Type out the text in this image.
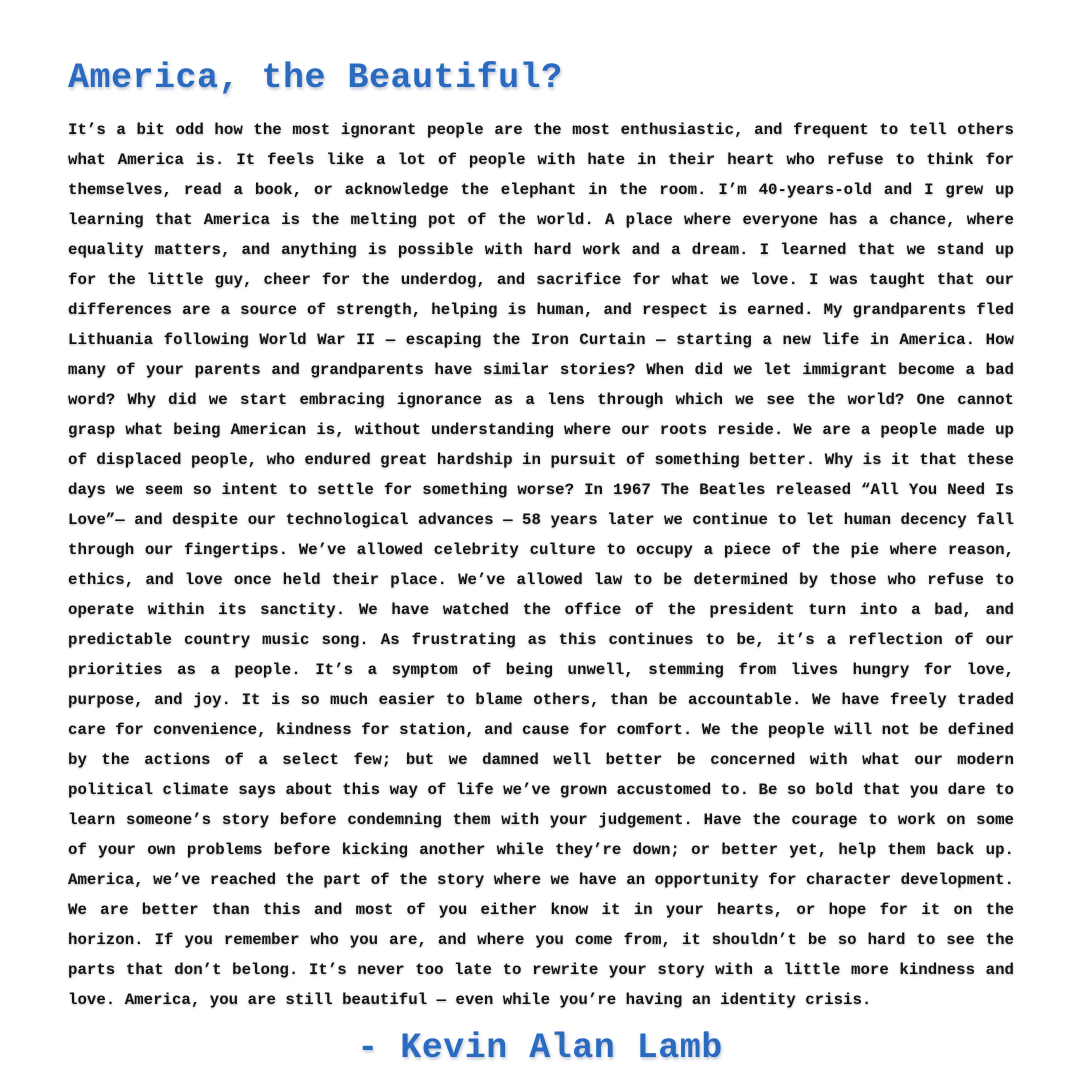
America, the Beautiful?

It’s a bit odd how the most ignorant people are the most enthusiastic, and frequent to tell others what America is. It feels like a lot of people with hate in their heart who refuse to think for themselves, read a book, or acknowledge the elephant in the room. I’m 40-years-old and I grew up learning that America is the melting pot of the world. A place where everyone has a chance, where equality matters, and anything is possible with hard work and a dream. I learned that we stand up for the little guy, cheer for the underdog, and sacrifice for what we love. I was taught that our differences are a source of strength, helping is human, and respect is earned. My grandparents fled Lithuania following World War II — escaping the Iron Curtain — starting a new life in America. How many of your parents and grandparents have similar stories? When did we let immigrant become a bad word? Why did we start embracing ignorance as a lens through which we see the world? One cannot grasp what being American is, without understanding where our roots reside. We are a people made up of displaced people, who endured great hardship in pursuit of something better. Why is it that these days we seem so intent to settle for something worse? In 1967 The Beatles released “All You Need Is Love”— and despite our technological advances — 58 years later we continue to let human decency fall through our fingertips. We’ve allowed celebrity culture to occupy a piece of the pie where reason, ethics, and love once held their place. We’ve allowed law to be determined by those who refuse to operate within its sanctity. We have watched the office of the president turn into a bad, and predictable country music song. As frustrating as this continues to be, it’s a reflection of our priorities as a people. It’s a symptom of being unwell, stemming from lives hungry for love, purpose, and joy. It is so much easier to blame others, than be accountable. We have freely traded care for convenience, kindness for station, and cause for comfort. We the people will not be defined by the actions of a select few; but we damned well better be concerned with what our modern political climate says about this way of life we’ve grown accustomed to. Be so bold that you dare to learn someone’s story before condemning them with your judgement. Have the courage to work on some of your own problems before kicking another while they’re down; or better yet, help them back up. America, we’ve reached the part of the story where we have an opportunity for character development. We are better than this and most of you either know it in your hearts, or hope for it on the horizon. If you remember who you are, and where you come from, it shouldn’t be so hard to see the parts that don’t belong. It’s never too late to rewrite your story with a little more kindness and love. America, you are still beautiful — even while you’re having an identity crisis.

- Kevin Alan Lamb
